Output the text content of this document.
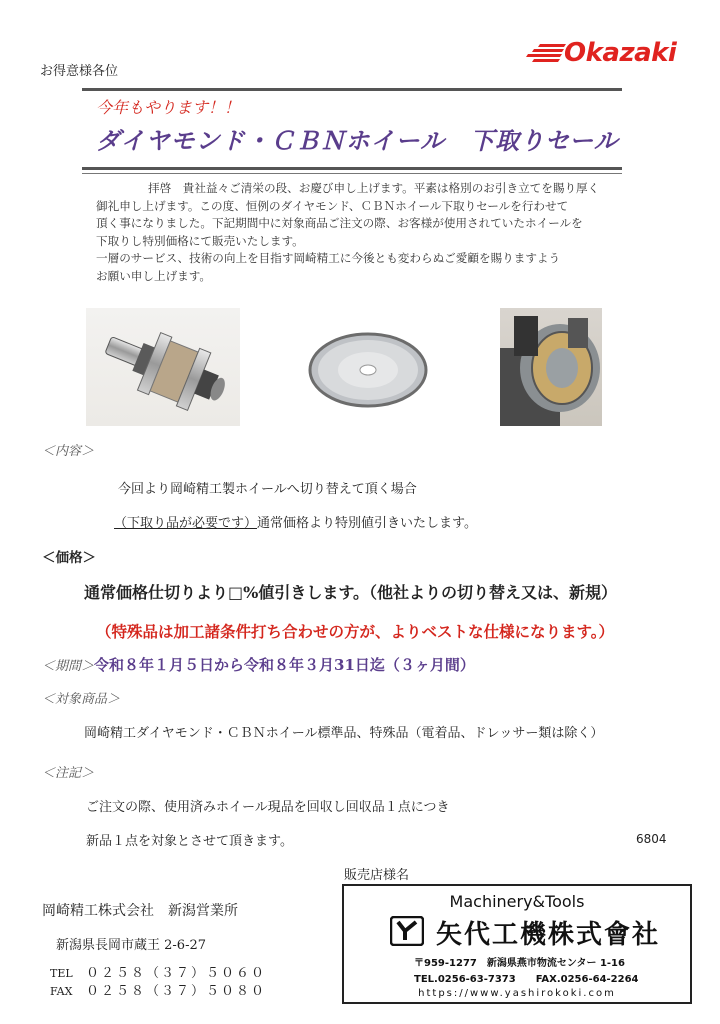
お得意様各位
Okazaki
今年もやります！！
ダイヤモンド・ＣＢＮホイール　下取りセール

拝啓　貴社益々ご清栄の段、お慶び申し上げます。平素は格別のお引き立てを賜り厚く

御礼申し上げます。この度、恒例のダイヤモンド、ＣＢＮホイール下取りセールを行わせて

頂く事になりました。下記期間中に対象商品ご注文の際、お客様が使用されていたホイールを

下取りし特別価格にて販売いたします。

一層のサービス、技術の向上を目指す岡崎精工に今後とも変わらぬご愛顧を賜りますよう

お願い申し上げます。

＜内容＞
今回より岡崎精工製ホイールへ切り替えて頂く場合
（下取り品が必要です）通常価格より特別値引きいたします。
＜価格＞
通常価格仕切りより□%値引きします。（他社よりの切り替え又は、新規）
（特殊品は加工諸条件打ち合わせの方が、よりベストな仕様になります。）
＜期間＞令和８年１月５日から令和８年３月31日迄（３ヶ月間）
＜対象商品＞
岡崎精工ダイヤモンド・ＣＢＮホイール標準品、特殊品（電着品、ドレッサー類は除く）
＜注記＞
ご注文の際、使用済みホイール現品を回収し回収品１点につき
新品１点を対象とさせて頂きます。	6804
販売店様名
岡崎精工株式会社　新潟営業所
新潟県長岡市蔵王 2-6-27
TEL ０２５８（３７）５０６０
FAX ０２５８（３７）５０８０
Machinery&Tools
矢代工機株式會社
〒959-1277　新潟県燕市物流センター 1-16
TEL.0256-63-7373　　FAX.0256-64-2264
https://www.yashirokoki.com
